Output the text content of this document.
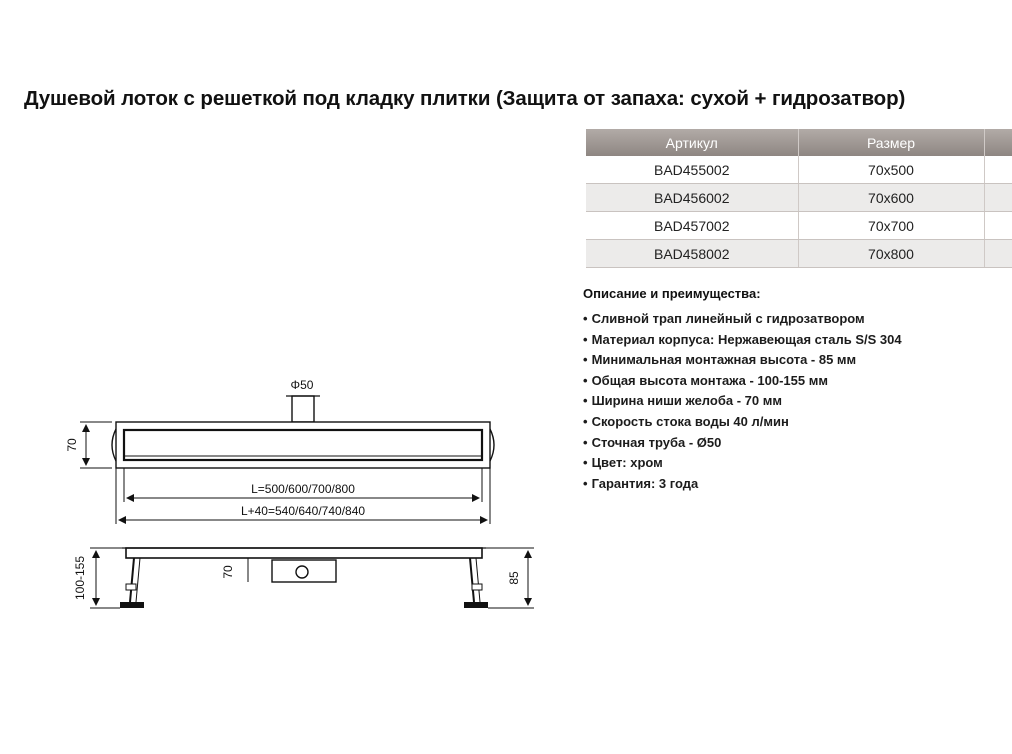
Душевой лоток с решеткой под кладку плитки (Защита от запаха: сухой + гидрозатвор)
Артикул	Размер	
BAD455002	70x500	
BAD456002	70x600	
BAD457002	70x700	
BAD458002	70x800	
Описание и преимущества:
• Сливной трап линейный с гидрозатвором
• Материал корпуса: Нержавеющая сталь S/S 304
• Минимальная монтажная высота - 85 мм
• Общая высота монтажа - 100-155 мм
• Ширина ниши желоба - 70 мм
• Скорость стока воды 40 л/мин
• Сточная труба - Ø50
• Цвет: хром
• Гарантия: 3 года
Φ50
70
L=500/600/700/800
L+40=540/640/740/840
70
100-155	85
